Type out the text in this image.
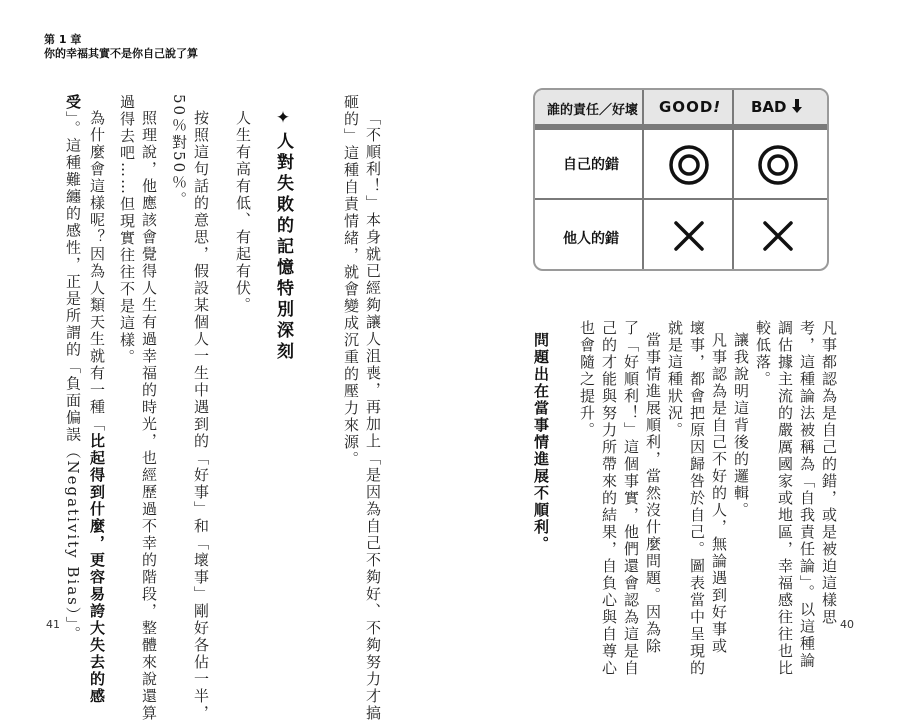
第 1 章
你的幸福其實不是你自己說了算
誰的責任／好壞 GOOD! BAD
自己的錯
他人的錯
凡事都認為是自己的錯，或是被迫這樣思
考，這種論法被稱為「自我責任論」。以這種論
調估據主流的嚴厲國家或地區，幸福感往往也比
較低落。
讓我說明這背後的邏輯。
凡事認為是自己不好的人，無論遇到好事或
壞事，都會把原因歸咎於自己。圖表當中呈現的
就是這種狀況。
當事情進展順利，當然沒什麼問題。因為除
了「好順利！」這個事實，他們還會認為這是自
己的才能與努力所帶來的結果，自負心與自尊心
也會隨之提升。
問題出在當事情進展不順利。
40
「不順利！」本身就已經夠讓人沮喪，再加上「是因為自己不夠好、不夠努力才搞
砸的」這種自責情緒，就會變成沉重的壓力來源。
✦人對失敗的記憶特別深刻
人生有高有低、有起有伏。
按照這句話的意思，假設某個人一生中遇到的「好事」和「壞事」剛好各佔一半，
50％對50％。
照理說，他應該會覺得人生有過幸福的時光，也經歷過不幸的階段，整體來說還算
過得去吧……但現實往往不是這樣。
為什麼會這樣呢？因為人類天生就有一種「比起得到什麼，更容易誇大失去的感
受」。這種難纏的感性，正是所謂的「負面偏誤（Negativity Bias）」。
41
